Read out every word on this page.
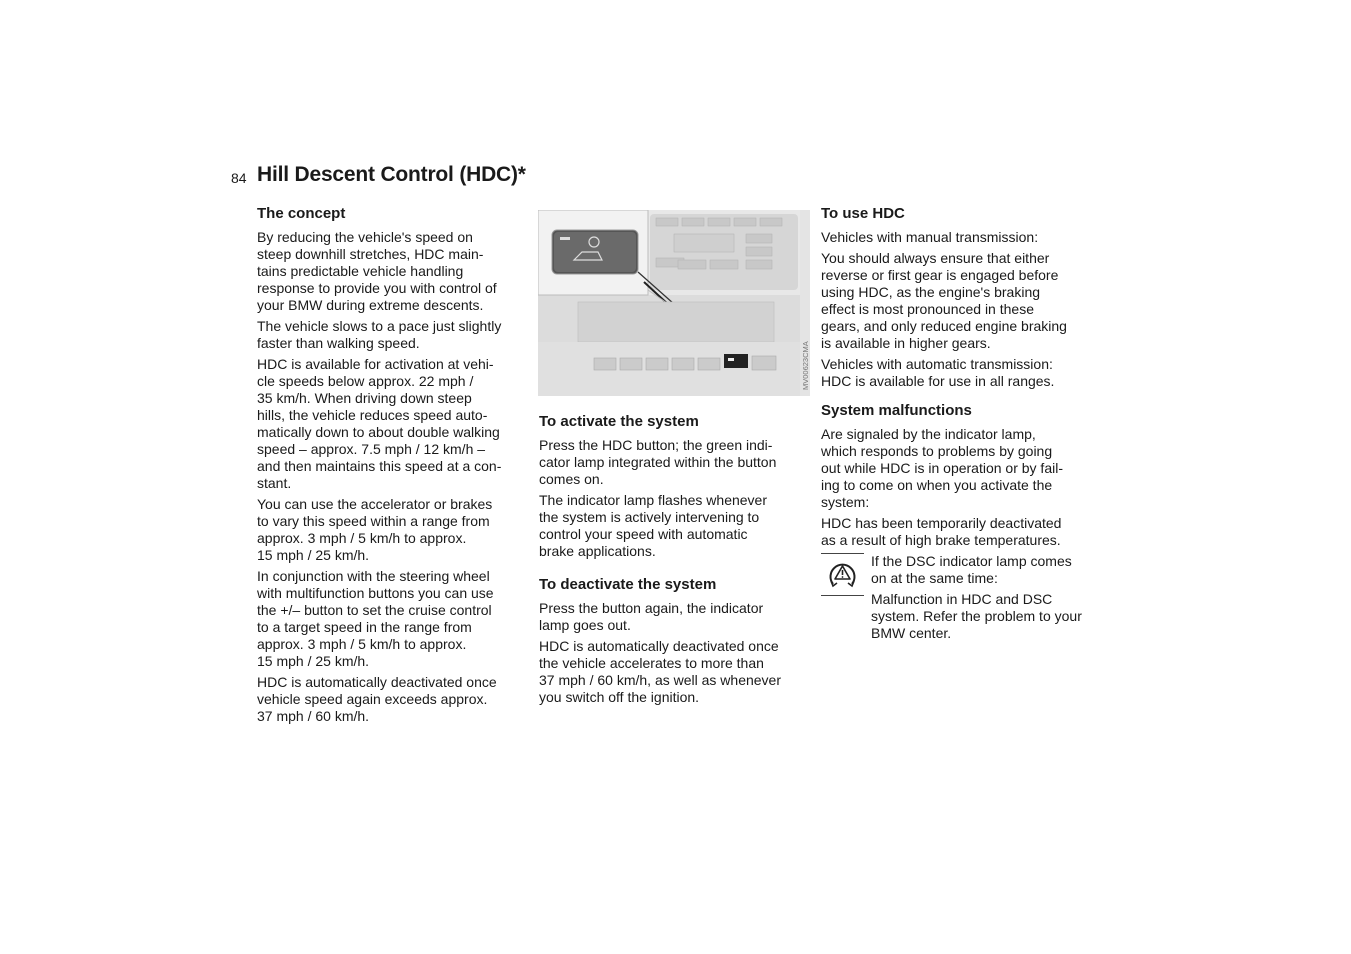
84 Hill Descent Control (HDC)*
The concept

By reducing the vehicle's speed on
steep downhill stretches, HDC main-
tains predictable vehicle handling
response to provide you with control of
your BMW during extreme descents.

The vehicle slows to a pace just slightly
faster than walking speed.

HDC is available for activation at vehi-
cle speeds below approx. 22 mph /
35 km/h. When driving down steep
hills, the vehicle reduces speed auto-
matically down to about double walking
speed – approx. 7.5 mph / 12 km/h –
and then maintains this speed at a con-
stant.

You can use the accelerator or brakes
to vary this speed within a range from
approx. 3 mph / 5 km/h to approx.
15 mph / 25 km/h.

In conjunction with the steering wheel
with multifunction buttons you can use
the +/– button to set the cruise control
to a target speed in the range from
approx. 3 mph / 5 km/h to approx.
15 mph / 25 km/h.

HDC is automatically deactivated once
vehicle speed again exceeds approx.
37 mph / 60 km/h.

MV00623CMA
To activate the system

Press the HDC button; the green indi-
cator lamp integrated within the button
comes on.

The indicator lamp flashes whenever
the system is actively intervening to
control your speed with automatic
brake applications.

To deactivate the system

Press the button again, the indicator
lamp goes out.

HDC is automatically deactivated once
the vehicle accelerates to more than
37 mph / 60 km/h, as well as whenever
you switch off the ignition.

To use HDC

Vehicles with manual transmission:

You should always ensure that either
reverse or first gear is engaged before
using HDC, as the engine's braking
effect is most pronounced in these
gears, and only reduced engine braking
is available in higher gears.

Vehicles with automatic transmission:
HDC is available for use in all ranges.

System malfunctions

Are signaled by the indicator lamp,
which responds to problems by going
out while HDC is in operation or by fail-
ing to come on when you activate the
system:

HDC has been temporarily deactivated
as a result of high brake temperatures.

If the DSC indicator lamp comes
on at the same time:

Malfunction in HDC and DSC
system. Refer the problem to your
BMW center.
